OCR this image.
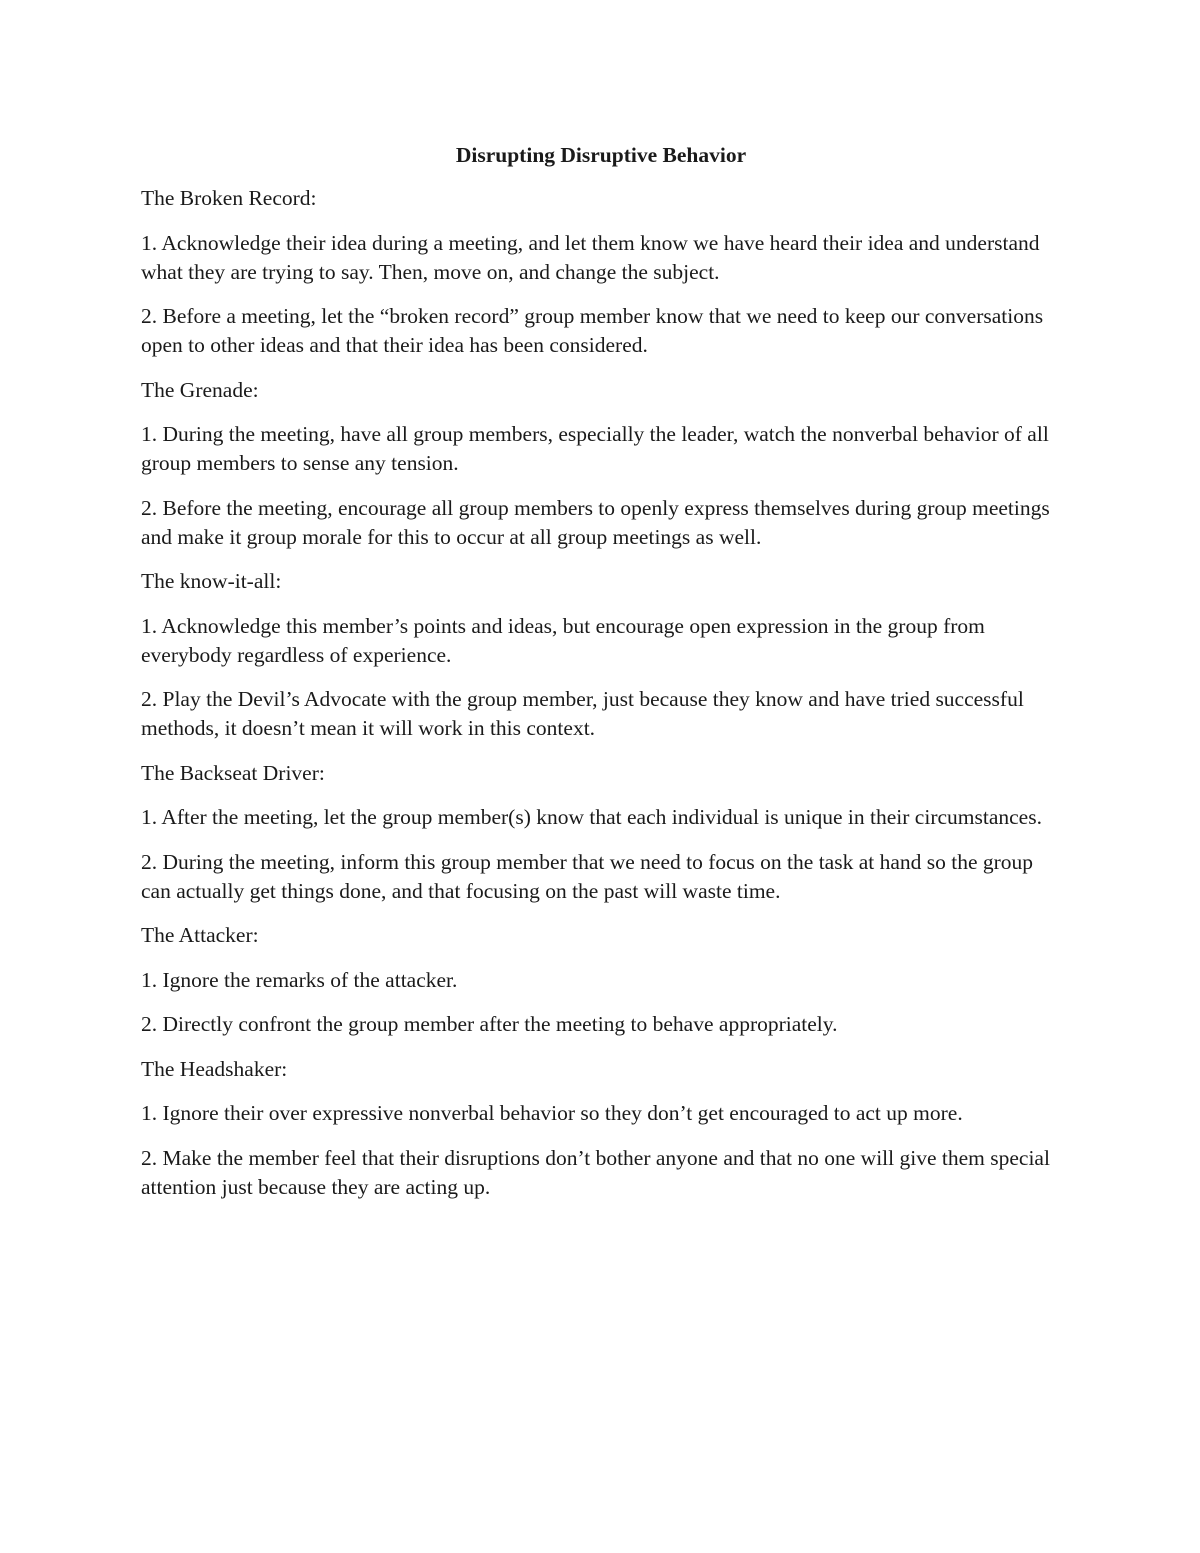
Disrupting Disruptive Behavior

The Broken Record:

1. Acknowledge their idea during a meeting, and let them know we have heard their idea and understand what they are trying to say. Then, move on, and change the subject.

2. Before a meeting, let the “broken record” group member know that we need to keep our conversations open to other ideas and that their idea has been considered.

The Grenade:

1. During the meeting, have all group members, especially the leader, watch the nonverbal behavior of all group members to sense any tension.

2. Before the meeting, encourage all group members to openly express themselves during group meetings and make it group morale for this to occur at all group meetings as well.

The know-it-all:

1. Acknowledge this member’s points and ideas, but encourage open expression in the group from everybody regardless of experience.

2. Play the Devil’s Advocate with the group member, just because they know and have tried successful methods, it doesn’t mean it will work in this context.

The Backseat Driver:

1. After the meeting, let the group member(s) know that each individual is unique in their circumstances.

2. During the meeting, inform this group member that we need to focus on the task at hand so the group can actually get things done, and that focusing on the past will waste time.

The Attacker:

1. Ignore the remarks of the attacker.

2. Directly confront the group member after the meeting to behave appropriately.

The Headshaker:

1. Ignore their over expressive nonverbal behavior so they don’t get encouraged to act up more.

2. Make the member feel that their disruptions don’t bother anyone and that no one will give them special attention just because they are acting up.
